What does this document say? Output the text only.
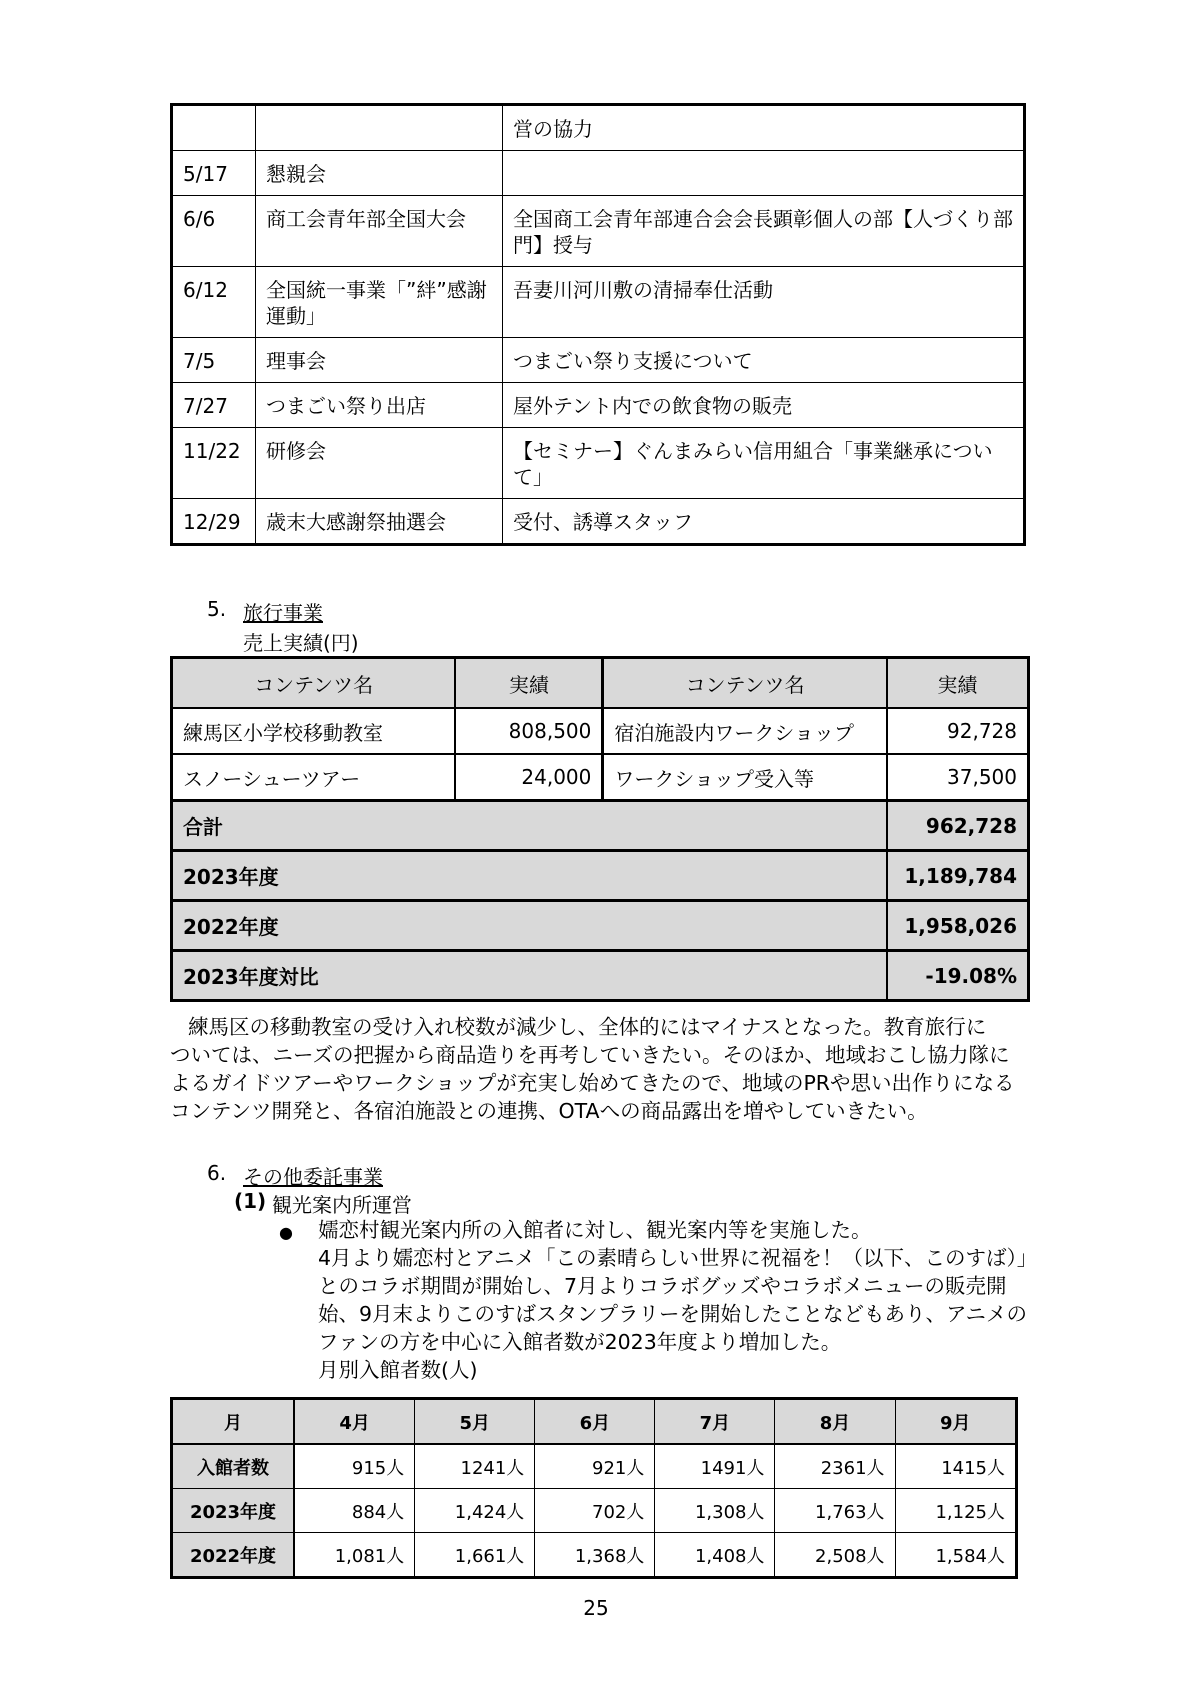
		営の協力
5/17	懇親会	
6/6	商工会青年部全国大会	全国商工会青年部連合会会長顕彰個人の部【人づくり部門】授与
6/12	全国統一事業「”絆”感謝運動」	吾妻川河川敷の清掃奉仕活動
7/5	理事会	つまごい祭り支援について
7/27	つまごい祭り出店	屋外テント内での飲食物の販売
11/22	研修会	【セミナー】ぐんまみらい信用組合「事業継承について」
12/29	歳末大感謝祭抽選会	受付、誘導スタッフ
5. 旅行事業
売上実績(円)
コンテンツ名	実績	コンテンツ名	実績
練馬区小学校移動教室	808,500	宿泊施設内ワークショップ	92,728
スノーシューツアー	24,000	ワークショップ受入等	37,500
合計			962,728
2023年度			1,189,784
2022年度			1,958,026
2023年度対比			-19.08%
練馬区の移動教室の受け入れ校数が減少し、全体的にはマイナスとなった。教育旅行に
ついては、ニーズの把握から商品造りを再考していきたい。そのほか、地域おこし協力隊に
よるガイドツアーやワークショップが充実し始めてきたので、地域のPRや思い出作りになる
コンテンツ開発と、各宿泊施設との連携、OTAへの商品露出を増やしていきたい。
6. その他委託事業
(1) 観光案内所運営
● 嬬恋村観光案内所の入館者に対し、観光案内等を実施した。
4月より嬬恋村とアニメ「この素晴らしい世界に祝福を！（以下、このすば）」
とのコラボ期間が開始し、7月よりコラボグッズやコラボメニューの販売開
始、9月末よりこのすばスタンプラリーを開始したことなどもあり、アニメの
ファンの方を中心に入館者数が2023年度より増加した。
月別入館者数(人)
月	4月	5月	6月	7月	8月	9月
入館者数	915人	1241人	921人	1491人	2361人	1415人
2023年度	884人	1,424人	702人	1,308人	1,763人	1,125人
2022年度	1,081人	1,661人	1,368人	1,408人	2,508人	1,584人
25
